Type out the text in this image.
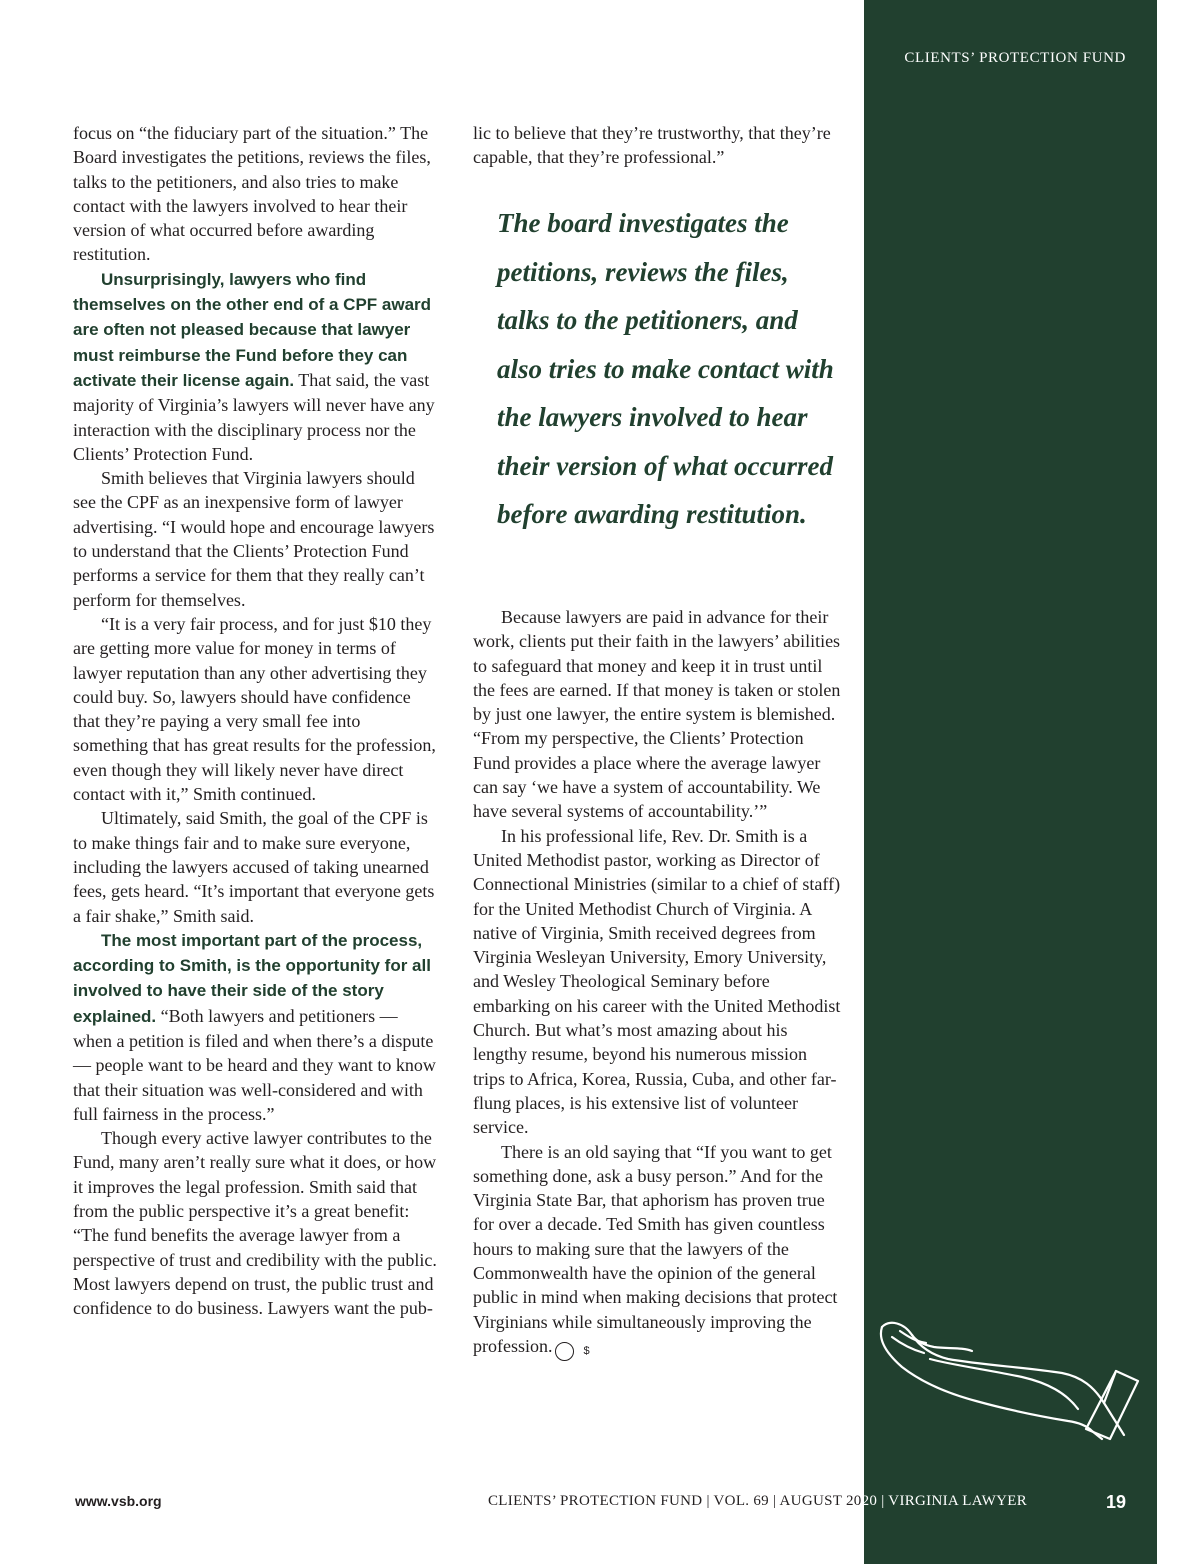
CLIENTS’ PROTECTION FUND

focus on “the fiduciary part of the situation.” The Board investigates the petitions, reviews the files, talks to the petitioners, and also tries to make contact with the lawyers involved to hear their version of what occurred before awarding restitution.

Unsurprisingly, lawyers who find themselves on the other end of a CPF award are often not pleased because that lawyer must reimburse the Fund before they can activate their license again. That said, the vast majority of Virginia’s lawyers will never have any interaction with the disciplinary process nor the Clients’ Protection Fund.

Smith believes that Virginia lawyers should see the CPF as an inexpensive form of lawyer advertising. “I would hope and encourage lawyers to understand that the Clients’ Protection Fund performs a service for them that they really can’t perform for themselves.

“It is a very fair process, and for just $10 they are getting more value for money in terms of lawyer reputation than any other advertising they could buy. So, lawyers should have confidence that they’re paying a very small fee into something that has great results for the profession, even though they will likely never have direct contact with it,” Smith continued.

Ultimately, said Smith, the goal of the CPF is to make things fair and to make sure everyone, including the lawyers accused of taking unearned fees, gets heard. “It’s important that everyone gets a fair shake,” Smith said.

The most important part of the process, according to Smith, is the opportunity for all involved to have their side of the story explained. “Both lawyers and petitioners — when a petition is filed and when there’s a dispute — people want to be heard and they want to know that their situation was well-considered and with full fairness in the process.”

Though every active lawyer contributes to the Fund, many aren’t really sure what it does, or how it improves the legal profession. Smith said that from the public perspective it’s a great benefit: “The fund benefits the average lawyer from a perspective of trust and credibility with the public. Most lawyers depend on trust, the public trust and confidence to do business. Lawyers want the pub-

lic to believe that they’re trustworthy, that they’re capable, that they’re professional.”

The board investigates the petitions, reviews the files, talks to the petitioners, and also tries to make contact with the lawyers involved to hear their version of what occurred before awarding restitution.

Because lawyers are paid in advance for their work, clients put their faith in the lawyers’ abilities to safeguard that money and keep it in trust until the fees are earned. If that money is taken or stolen by just one lawyer, the entire system is blemished. “From my perspective, the Clients’ Protection Fund provides a place where the average lawyer can say ‘we have a system of accountability. We have several systems of accountability.’”

In his professional life, Rev. Dr. Smith is a United Methodist pastor, working as Director of Connectional Ministries (similar to a chief of staff) for the United Methodist Church of Virginia. A native of Virginia, Smith received degrees from Virginia Wesleyan University, Emory University, and Wesley Theological Seminary before embarking on his career with the United Methodist Church. But what’s most amazing about his lengthy resume, beyond his numerous mission trips to Africa, Korea, Russia, Cuba, and other far-flung places, is his extensive list of volunteer service.

There is an old saying that “If you want to get something done, ask a busy person.” And for the Virginia State Bar, that aphorism has proven true for over a decade. Ted Smith has given countless hours to making sure that the lawyers of the Commonwealth have the opinion of the general public in mind when making decisions that protect Virginians while simultaneously improving the profession.	$

www.vsb.org	CLIENTS’ PROTECTION FUND | VOL. 69 | AUGUST 2020 | VIRGINIA LAWYER	19
